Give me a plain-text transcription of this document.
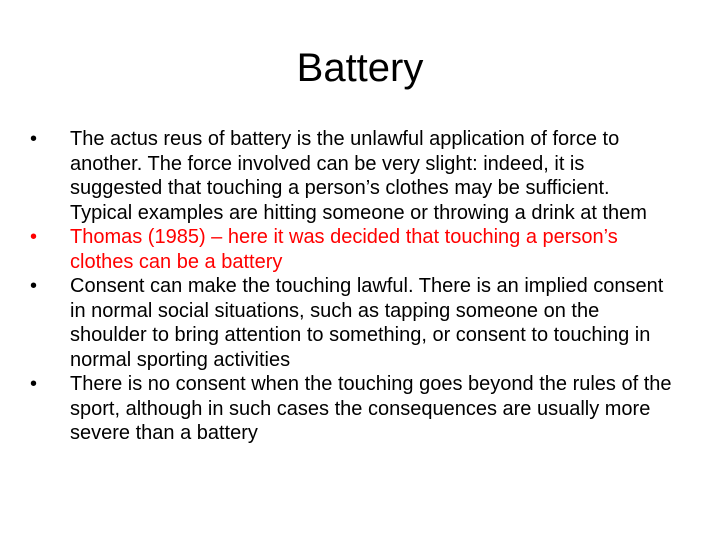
Battery
•	The actus reus of battery is the unlawful application of force to another. The force involved can be very slight: indeed, it is suggested that touching a person’s clothes may be sufficient. Typical examples are hitting someone or throwing a drink at them
•	Thomas (1985) – here it was decided that touching a person’s clothes can be a battery
•	Consent can make the touching lawful. There is an implied consent in normal social situations, such as tapping someone on the shoulder to bring attention to something, or consent to touching in normal sporting activities
•	There is no consent when the touching goes beyond the rules of the sport, although in such cases the consequences are usually more severe than a battery
